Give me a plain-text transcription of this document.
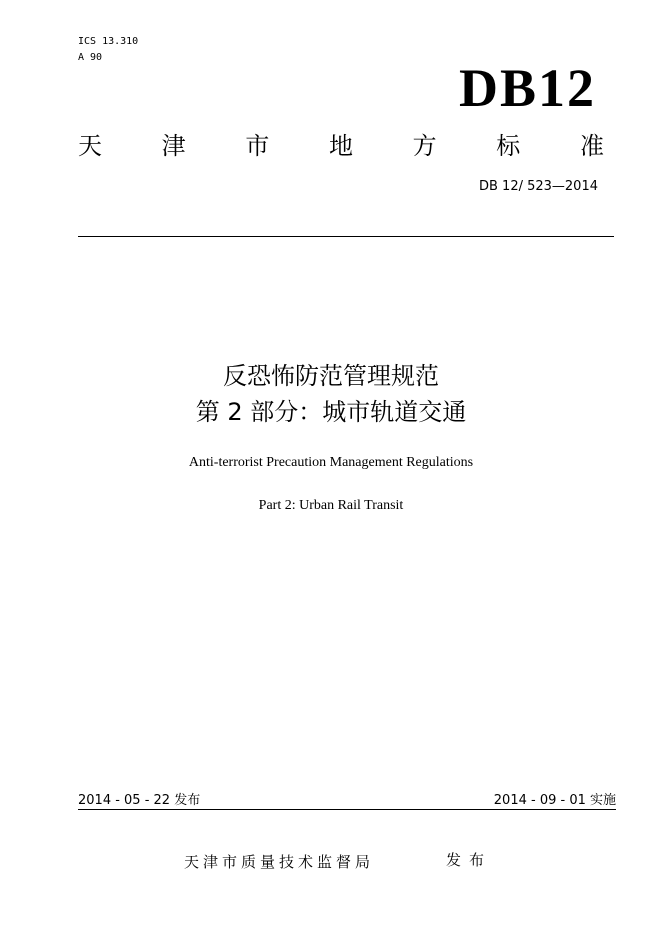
ICS 13.310
A 90
DB12
天 津 市 地 方 标 准
DB 12/ 523—2014
反恐怖防范管理规范
第 2 部分：城市轨道交通
Anti-terrorist Precaution Management Regulations
Part 2: Urban Rail Transit
2014 - 05 - 22 发布	2014 - 09 - 01 实施
天津市质量技术监督局	发布
